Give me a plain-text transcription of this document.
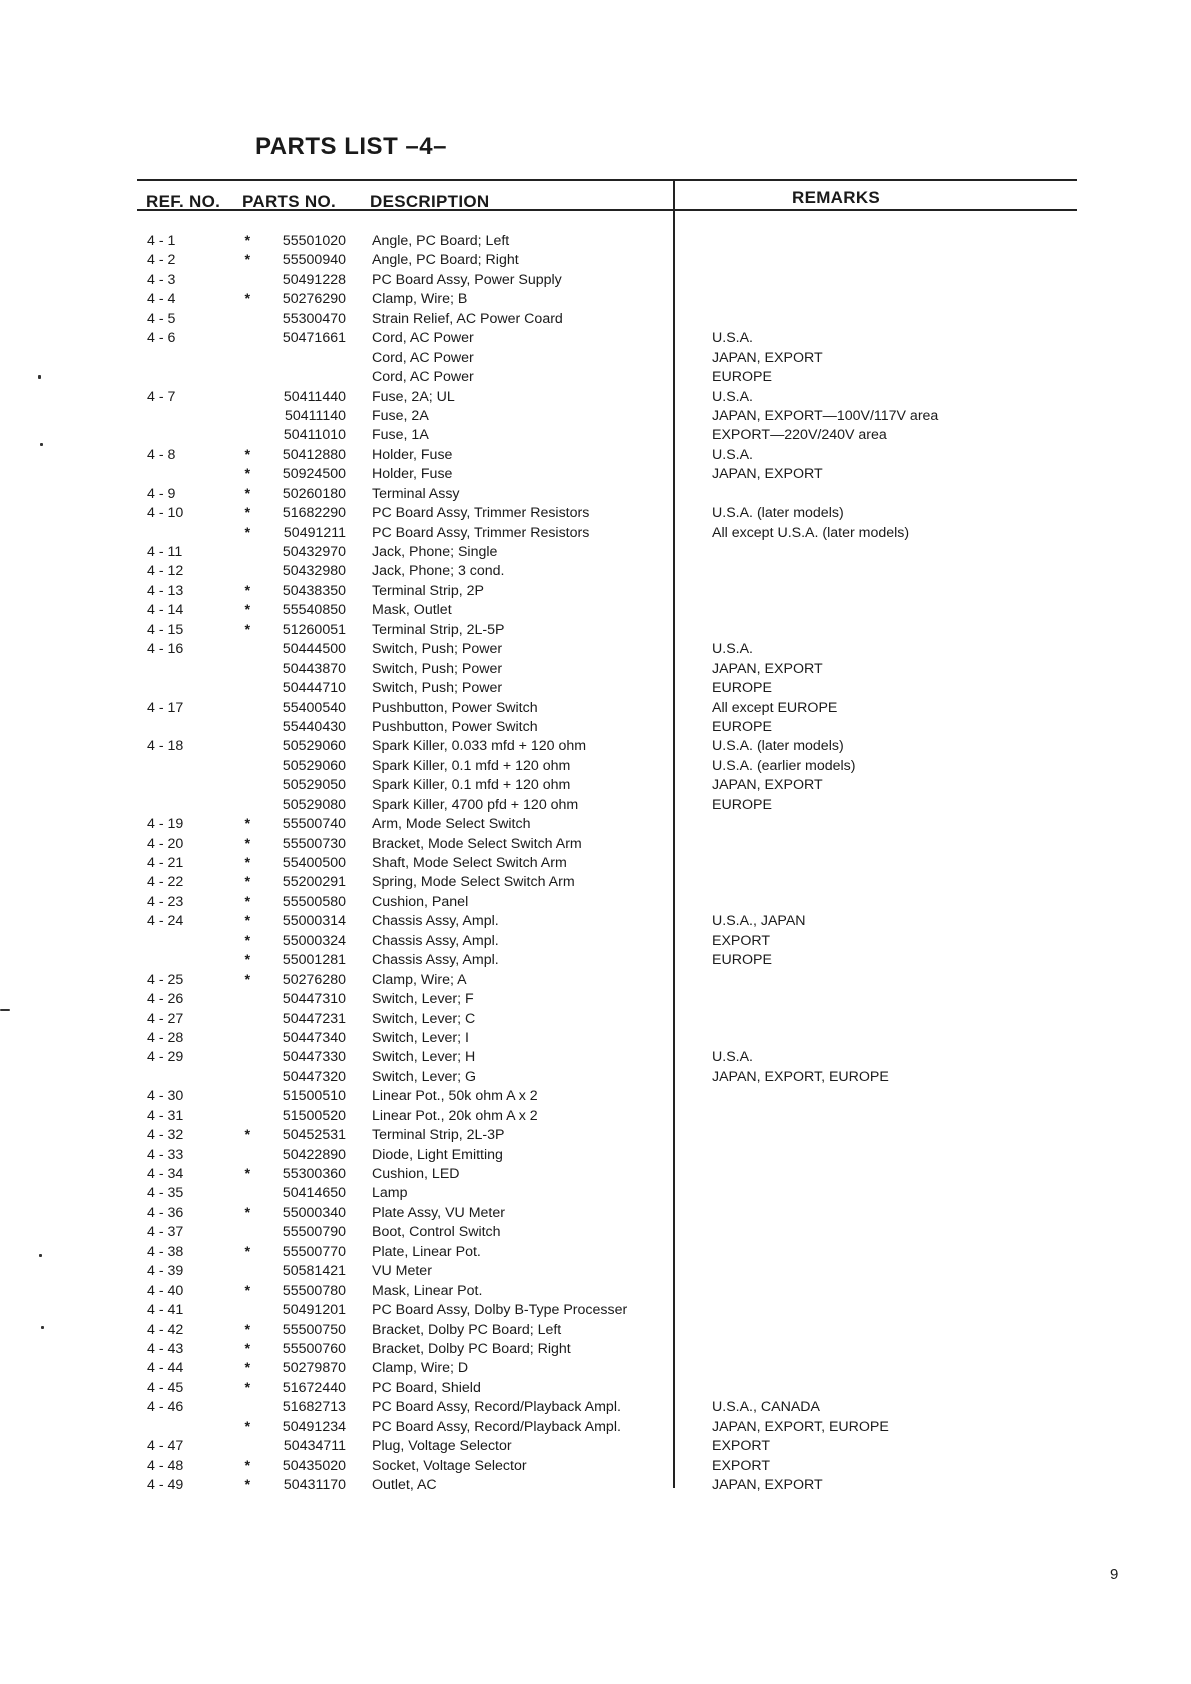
PARTS LIST –4–
REF. NO. PARTS NO. DESCRIPTION	REMARKS
4 - 1	*	55501020 Angle, PC Board; Left
4 - 2	*	55500940 Angle, PC Board; Right
4 - 3	50491228 PC Board Assy, Power Supply
4 - 4	*	50276290 Clamp, Wire; B
4 - 5	55300470 Strain Relief, AC Power Coard
4 - 6	50471661 Cord, AC Power	U.S.A.
Cord, AC Power	JAPAN, EXPORT
Cord, AC Power	EUROPE
4 - 7	50411440 Fuse, 2A; UL	U.S.A.
50411140 Fuse, 2A	JAPAN, EXPORT—100V/117V area
50411010 Fuse, 1A	EXPORT—220V/240V area
4 - 8	*	50412880 Holder, Fuse	U.S.A.
*	50924500 Holder, Fuse	JAPAN, EXPORT
4 - 9	*	50260180 Terminal Assy
4 - 10	*	51682290 PC Board Assy, Trimmer Resistors	U.S.A. (later models)
*	50491211 PC Board Assy, Trimmer Resistors	All except U.S.A. (later models)
4 - 11	50432970 Jack, Phone; Single
4 - 12	50432980 Jack, Phone; 3 cond.
4 - 13	*	50438350 Terminal Strip, 2P
4 - 14	*	55540850 Mask, Outlet
4 - 15	*	51260051 Terminal Strip, 2L-5P
4 - 16	50444500 Switch, Push; Power	U.S.A.
50443870 Switch, Push; Power	JAPAN, EXPORT
50444710 Switch, Push; Power	EUROPE
4 - 17	55400540 Pushbutton, Power Switch	All except EUROPE
55440430 Pushbutton, Power Switch	EUROPE
4 - 18	50529060 Spark Killer, 0.033 mfd + 120 ohm	U.S.A. (later models)
50529060 Spark Killer, 0.1 mfd + 120 ohm	U.S.A. (earlier models)
50529050 Spark Killer, 0.1 mfd + 120 ohm	JAPAN, EXPORT
50529080 Spark Killer, 4700 pfd + 120 ohm	EUROPE
4 - 19	*	55500740 Arm, Mode Select Switch
4 - 20	*	55500730 Bracket, Mode Select Switch Arm
4 - 21	*	55400500 Shaft, Mode Select Switch Arm
4 - 22	*	55200291 Spring, Mode Select Switch Arm
4 - 23	*	55500580 Cushion, Panel
4 - 24	*	55000314 Chassis Assy, Ampl.	U.S.A., JAPAN
*	55000324 Chassis Assy, Ampl.	EXPORT
*	55001281 Chassis Assy, Ampl.	EUROPE
4 - 25	*	50276280 Clamp, Wire; A
4 - 26	50447310 Switch, Lever; F
4 - 27	50447231 Switch, Lever; C
4 - 28	50447340 Switch, Lever; I
4 - 29	50447330 Switch, Lever; H	U.S.A.
50447320 Switch, Lever; G	JAPAN, EXPORT, EUROPE
4 - 30	51500510 Linear Pot., 50k ohm A x 2
4 - 31	51500520 Linear Pot., 20k ohm A x 2
4 - 32	*	50452531 Terminal Strip, 2L-3P
4 - 33	50422890 Diode, Light Emitting
4 - 34	*	55300360 Cushion, LED
4 - 35	50414650 Lamp
4 - 36	*	55000340 Plate Assy, VU Meter
4 - 37	55500790 Boot, Control Switch
4 - 38	*	55500770 Plate, Linear Pot.
4 - 39	50581421 VU Meter
4 - 40	*	55500780 Mask, Linear Pot.
4 - 41	50491201 PC Board Assy, Dolby B-Type Processer
4 - 42	*	55500750 Bracket, Dolby PC Board; Left
4 - 43	*	55500760 Bracket, Dolby PC Board; Right
4 - 44	*	50279870 Clamp, Wire; D
4 - 45	*	51672440 PC Board, Shield
4 - 46	51682713 PC Board Assy, Record/Playback Ampl.	U.S.A., CANADA
*	50491234 PC Board Assy, Record/Playback Ampl.	JAPAN, EXPORT, EUROPE
4 - 47	50434711 Plug, Voltage Selector	EXPORT
4 - 48	*	50435020 Socket, Voltage Selector	EXPORT
4 - 49	*	50431170 Outlet, AC	JAPAN, EXPORT
9
